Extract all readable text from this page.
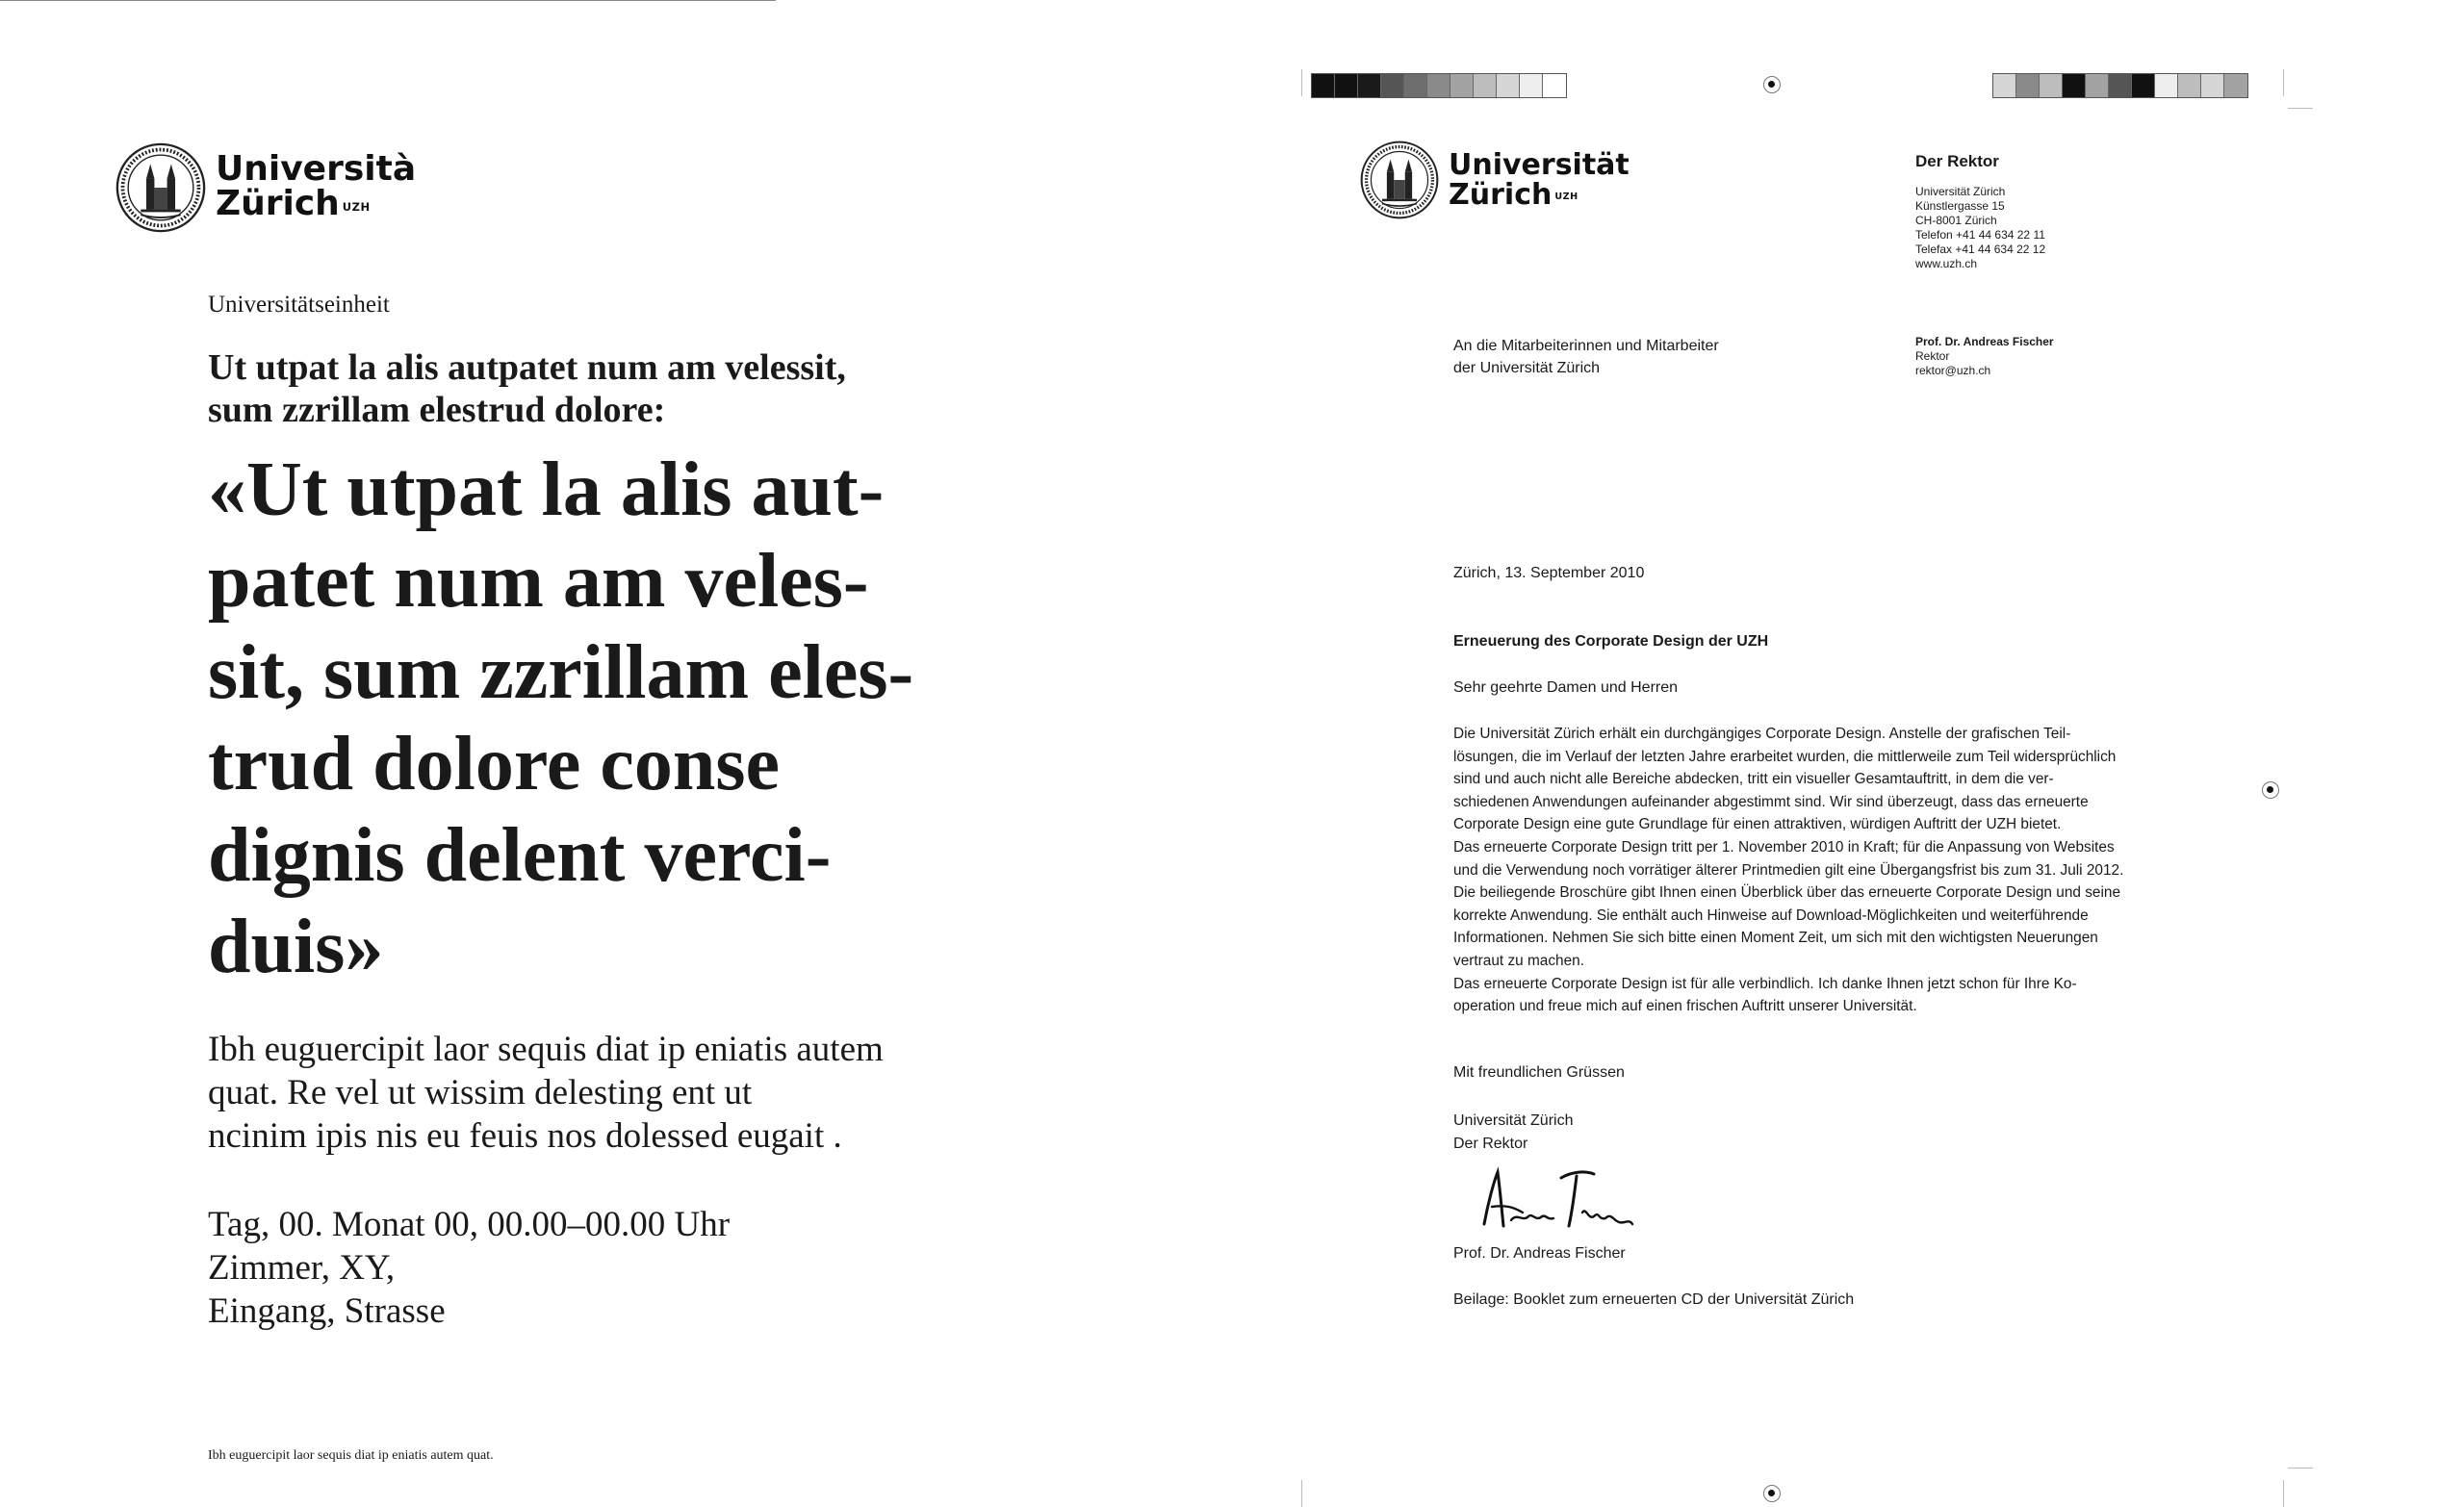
Università
Zürich $^{UZH}$
Universitätseinheit
Ut utpat la alis autpatet num am velessit,
sum zzrillam elestrud dolore:
«Ut utpat la alis aut-
patet num am veles-
sit, sum zzrillam eles-
trud dolore conse
dignis delent verci-
duis»
Ibh euguercipit laor sequis diat ip eniatis autem
quat. Re vel ut wissim delesting ent ut
ncinim ipis nis eu feuis nos dolessed eugait .
Tag, 00. Monat 00, 00.00–00.00 Uhr
Zimmer, XY,
Eingang, Strasse
Ibh euguercipit laor sequis diat ip eniatis autem quat.
Universität
Zürich $^{UZH}$
Der Rektor
Universität Zürich
Künstlergasse 15
CH-8001 Zürich
Telefon +41 44 634 22 11
Telefax +41 44 634 22 12
www.uzh.ch
An die Mitarbeiterinnen und Mitarbeiter
der Universität Zürich
Prof. Dr. Andreas Fischer
Rektor
rektor@uzh.ch
Zürich, 13. September 2010
Erneuerung des Corporate Design der UZH
Sehr geehrte Damen und Herren
Die Universität Zürich erhält ein durchgängiges Corporate Design. Anstelle der grafischen Teil-
lösungen, die im Verlauf der letzten Jahre erarbeitet wurden, die mittlerweile zum Teil widersprüchlich
sind und auch nicht alle Bereiche abdecken, tritt ein visueller Gesamtauftritt, in dem die ver-
schiedenen Anwendungen aufeinander abgestimmt sind. Wir sind überzeugt, dass das erneuerte
Corporate Design eine gute Grundlage für einen attraktiven, würdigen Auftritt der UZH bietet.
Das erneuerte Corporate Design tritt per 1. November 2010 in Kraft; für die Anpassung von Websites
und die Verwendung noch vorrätiger älterer Printmedien gilt eine Übergangsfrist bis zum 31. Juli 2012.
Die beiliegende Broschüre gibt Ihnen einen Überblick über das erneuerte Corporate Design und seine
korrekte Anwendung. Sie enthält auch Hinweise auf Download-Möglichkeiten und weiterführende
Informationen. Nehmen Sie sich bitte einen Moment Zeit, um sich mit den wichtigsten Neuerungen
vertraut zu machen.
Das erneuerte Corporate Design ist für alle verbindlich. Ich danke Ihnen jetzt schon für Ihre Ko-
operation und freue mich auf einen frischen Auftritt unserer Universität.
Mit freundlichen Grüssen
Universität Zürich
Der Rektor
Prof. Dr. Andreas Fischer
Beilage: Booklet zum erneuerten CD der Universität Zürich
